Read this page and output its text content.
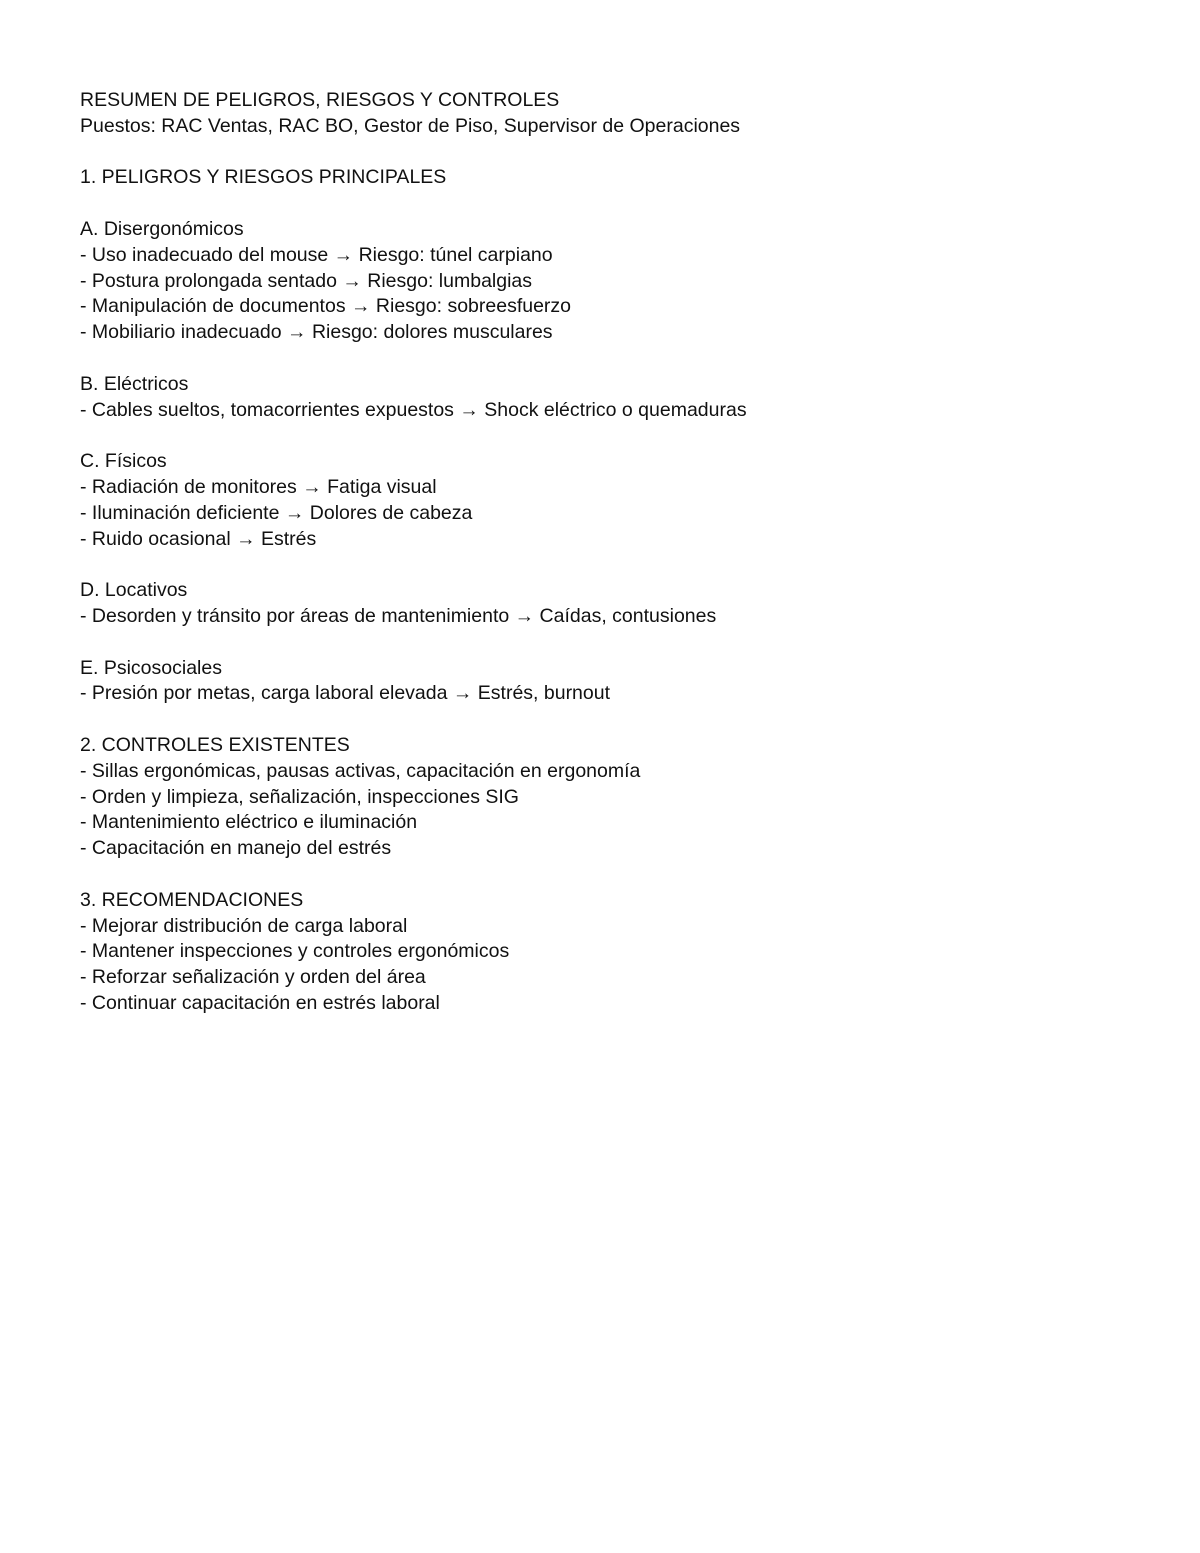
RESUMEN DE PELIGROS, RIESGOS Y CONTROLES
Puestos: RAC Ventas, RAC BO, Gestor de Piso, Supervisor de Operaciones
1. PELIGROS Y RIESGOS PRINCIPALES
A. Disergonómicos
- Uso inadecuado del mouse → Riesgo: túnel carpiano
- Postura prolongada sentado → Riesgo: lumbalgias
- Manipulación de documentos → Riesgo: sobreesfuerzo
- Mobiliario inadecuado → Riesgo: dolores musculares
B. Eléctricos
- Cables sueltos, tomacorrientes expuestos → Shock eléctrico o quemaduras
C. Físicos
- Radiación de monitores → Fatiga visual
- Iluminación deficiente → Dolores de cabeza
- Ruido ocasional → Estrés
D. Locativos
- Desorden y tránsito por áreas de mantenimiento → Caídas, contusiones
E. Psicosociales
- Presión por metas, carga laboral elevada → Estrés, burnout
2. CONTROLES EXISTENTES
- Sillas ergonómicas, pausas activas, capacitación en ergonomía
- Orden y limpieza, señalización, inspecciones SIG
- Mantenimiento eléctrico e iluminación
- Capacitación en manejo del estrés
3. RECOMENDACIONES
- Mejorar distribución de carga laboral
- Mantener inspecciones y controles ergonómicos
- Reforzar señalización y orden del área
- Continuar capacitación en estrés laboral
